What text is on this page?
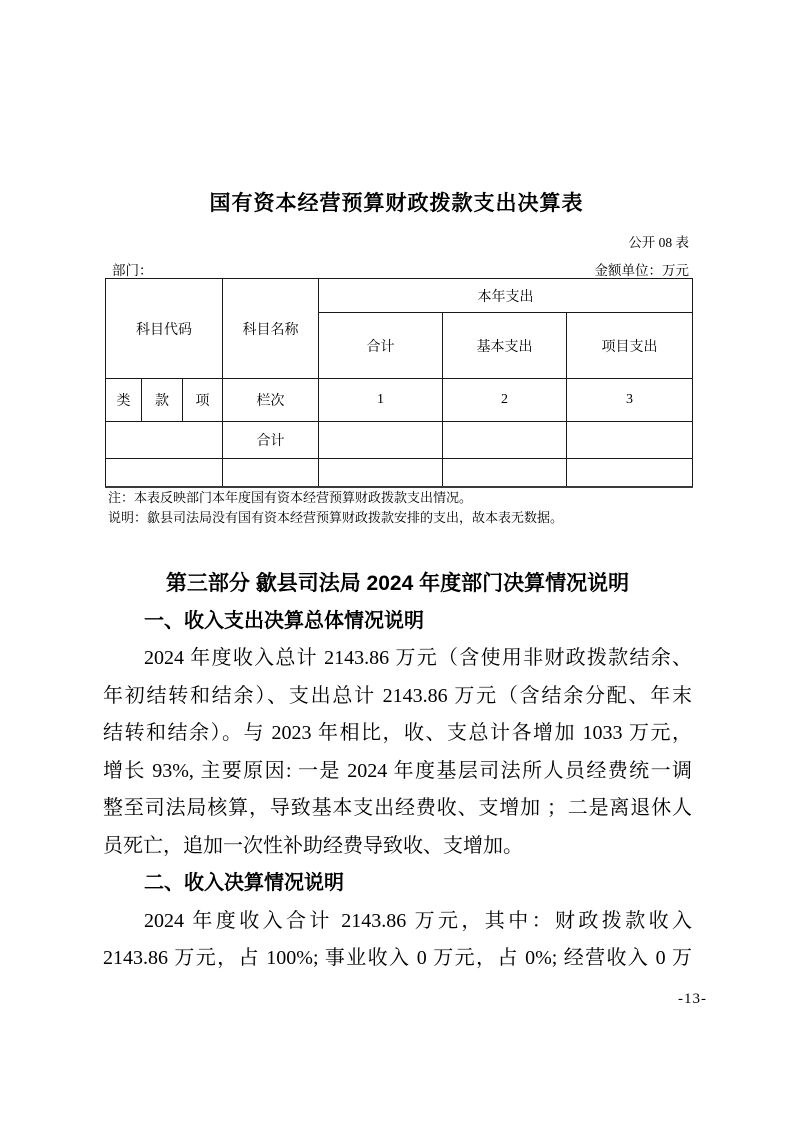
国有资本经营预算财政拨款支出决算表
公开 08 表
部门：	金额单位：万元
科目代码			科目名称	本年支出		
				合计	基本支出	项目支出
类	款	项	栏次	1	2	3
			合计			

注：本表反映部门本年度国有资本经营预算财政拨款支出情况。
说明：歙县司法局没有国有资本经营预算财政拨款安排的支出，故本表无数据。
第三部分 歙县司法局 2024 年度部门决算情况说明
一、收入支出决算总体情况说明
2024 年度收入总计 2143.86 万元（含使用非财政拨款结余、
年初结转和结余）、支出总计 2143.86 万元（含结余分配、年末
结转和结余）。与 2023 年相比，收、支总计各增加 1033 万元，
增长 93%, 主要原因: 一是 2024 年度基层司法所人员经费统一调
整至司法局核算，导致基本支出经费收、支增加 ；二是离退休人
员死亡，追加一次性补助经费导致收、支增加。
二、收入决算情况说明
2024 年度收入合计 2143.86 万元，其中：财政拨款收入
2143.86 万元，占 100%; 事业收入 0 万元，占 0%; 经营收入 0 万
-13-
